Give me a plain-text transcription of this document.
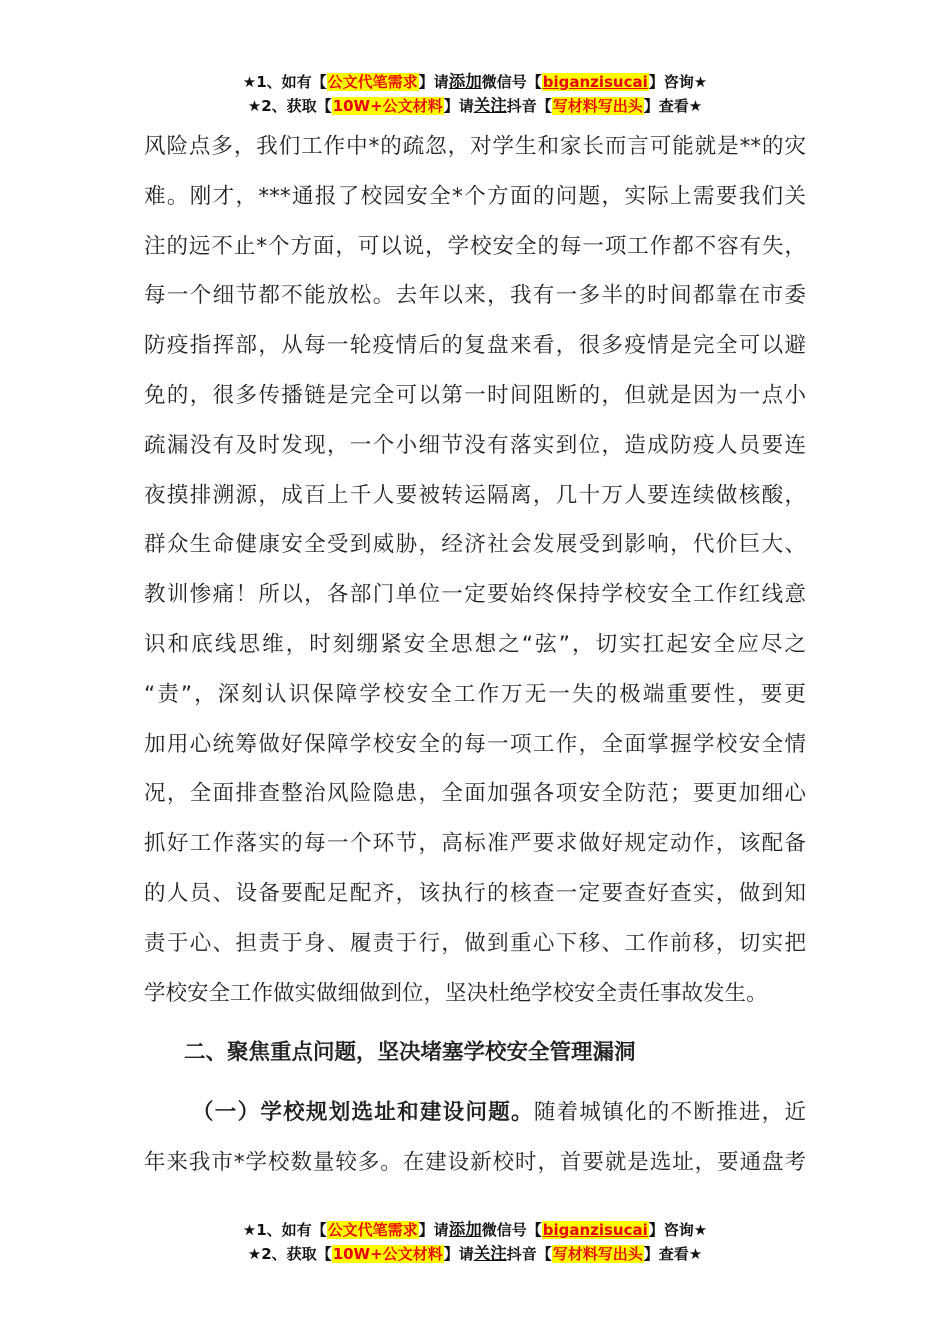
★1、如有【公文代笔需求】请添加微信号【biganzisucai】咨询★
★2、获取【10W+公文材料】请关注抖音【写材料写出头】查看★

风险点多，我们工作中*的疏忽，对学生和家长而言可能就是**的灾

难。刚才，***通报了校园安全*个方面的问题，实际上需要我们关

注的远不止*个方面，可以说，学校安全的每一项工作都不容有失，

每一个细节都不能放松。去年以来，我有一多半的时间都靠在市委

防疫指挥部，从每一轮疫情后的复盘来看，很多疫情是完全可以避

免的，很多传播链是完全可以第一时间阻断的，但就是因为一点小

疏漏没有及时发现，一个小细节没有落实到位，造成防疫人员要连

夜摸排溯源，成百上千人要被转运隔离，几十万人要连续做核酸，

群众生命健康安全受到威胁，经济社会发展受到影响，代价巨大、

教训惨痛！所以，各部门单位一定要始终保持学校安全工作红线意

识和底线思维，时刻绷紧安全思想之“弦”，切实扛起安全应尽之

“责”，深刻认识保障学校安全工作万无一失的极端重要性，要更

加用心统筹做好保障学校安全的每一项工作，全面掌握学校安全情

况，全面排查整治风险隐患，全面加强各项安全防范；要更加细心

抓好工作落实的每一个环节，高标准严要求做好规定动作，该配备

的人员、设备要配足配齐，该执行的核查一定要查好查实，做到知

责于心、担责于身、履责于行，做到重心下移、工作前移，切实把

学校安全工作做实做细做到位，坚决杜绝学校安全责任事故发生。

二、聚焦重点问题，坚决堵塞学校安全管理漏洞

（一）学校规划选址和建设问题。随着城镇化的不断推进，近

年来我市*学校数量较多。在建设新校时，首要就是选址，要通盘考

★1、如有【公文代笔需求】请添加微信号【biganzisucai】咨询★
★2、获取【10W+公文材料】请关注抖音【写材料写出头】查看★
